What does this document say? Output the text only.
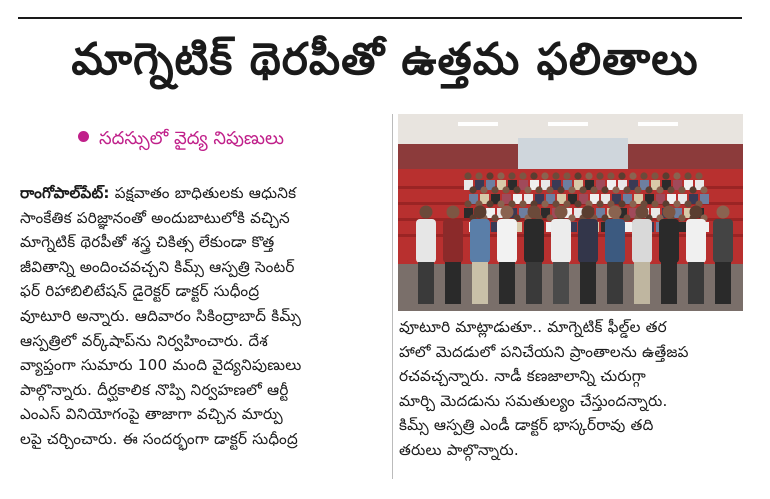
మాగ్నెటిక్ థెరపీతో ఉత్తమ ఫలితాలు
సదస్సులో వైద్య నిపుణులు
రాంగోపాల్‌పేట్: పక్షవాతం బాధితులకు ఆధునిక
సాంకేతిక పరిజ్ఞానంతో అందుబాటులోకి వచ్చిన
మాగ్నెటిక్ థెరపీతో శస్త్ర చికిత్స లేకుండా కొత్త
జీవితాన్ని అందించవచ్చని కిమ్స్ ఆస్పత్రి సెంటర్
ఫర్ రిహాబిలిటేషన్ డైరెక్టర్ డాక్టర్ సుధీంద్ర
వూటూరి అన్నారు. ఆదివారం సికింద్రాబాద్ కిమ్స్
ఆస్పత్రిలో వర్క్‌షాప్‌ను నిర్వహించారు. దేశ
వ్యాప్తంగా సుమారు 100 మంది వైద్యనిపుణులు
పాల్గొన్నారు. దీర్ఘకాలిక నొప్పి నిర్వహణలో ఆర్టీ
ఎంఎస్ వినియోగంపై తాజాగా వచ్చిన మార్పు
లపై చర్చించారు. ఈ సందర్భంగా డాక్టర్ సుధీంద్ర
వూటూరి మాట్లాడుతూ.. మాగ్నెటిక్ ఫీల్డ్‌ల తర
హాలో మెదడులో పనిచేయని ప్రాంతాలను ఉత్తేజప
రచవచ్చన్నారు. నాడీ కణజాలాన్ని చురుగ్గా
మార్చి మెదడును సమతుల్యం చేస్తుందన్నారు.
కిమ్స్ ఆస్పత్రి ఎండీ డాక్టర్ భాస్కర్‌రావు తది
తరులు పాల్గొన్నారు.
